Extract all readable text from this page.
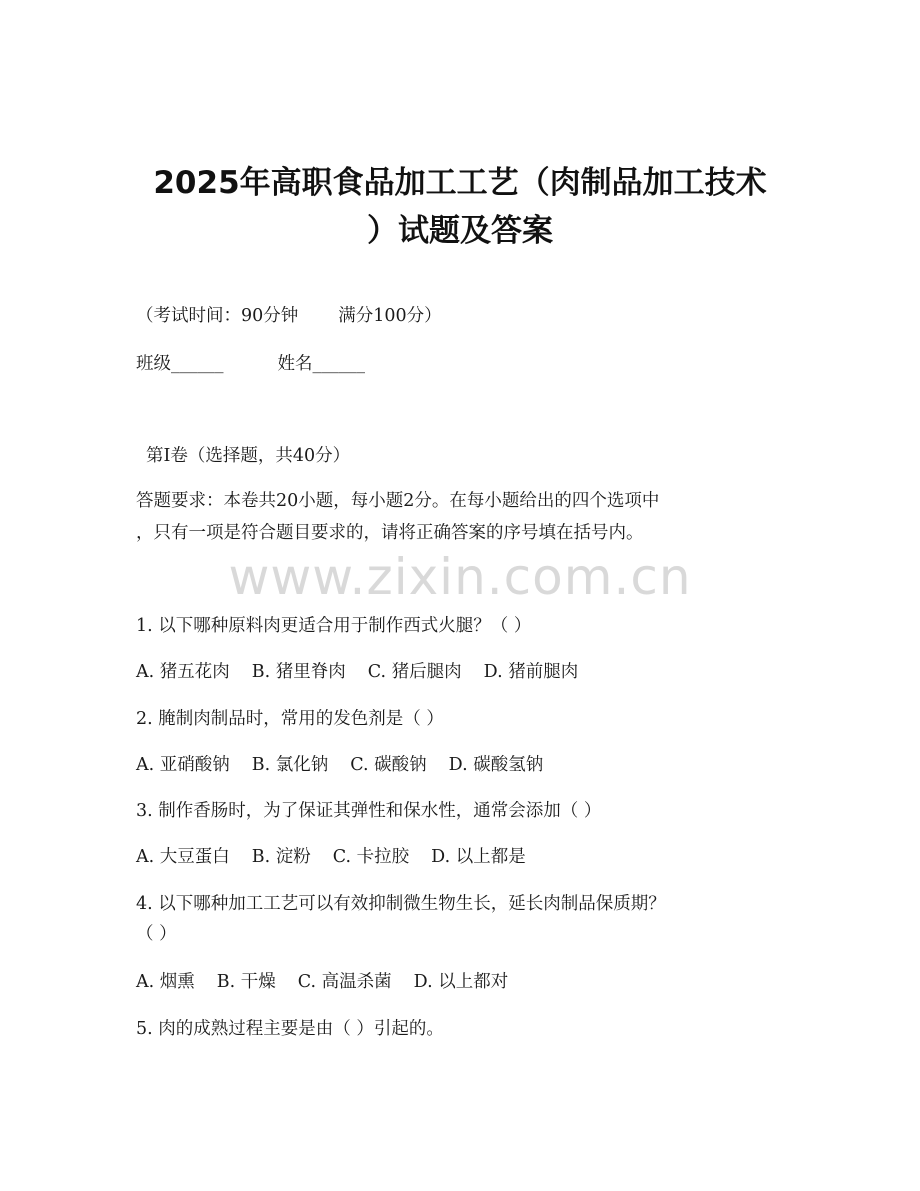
www.zixin.com.cn
2025年高职食品加工工艺（肉制品加工技术
）试题及答案
（考试时间：90分钟 满分100分）
班级______	姓名______
第I卷（选择题，共40分）
答题要求：本卷共20小题，每小题2分。在每小题给出的四个选项中
，只有一项是符合题目要求的，请将正确答案的序号填在括号内。
1. 以下哪种原料肉更适合用于制作西式火腿？（ ）
A. 猪五花肉 B. 猪里脊肉 C. 猪后腿肉 D. 猪前腿肉
2. 腌制肉制品时，常用的发色剂是（ ）
A. 亚硝酸钠 B. 氯化钠 C. 碳酸钠 D. 碳酸氢钠
3. 制作香肠时，为了保证其弹性和保水性，通常会添加（ ）
A. 大豆蛋白 B. 淀粉 C. 卡拉胶 D. 以上都是
4. 以下哪种加工工艺可以有效抑制微生物生长，延长肉制品保质期？
（ ）
A. 烟熏 B. 干燥 C. 高温杀菌 D. 以上都对
5. 肉的成熟过程主要是由（ ）引起的。
